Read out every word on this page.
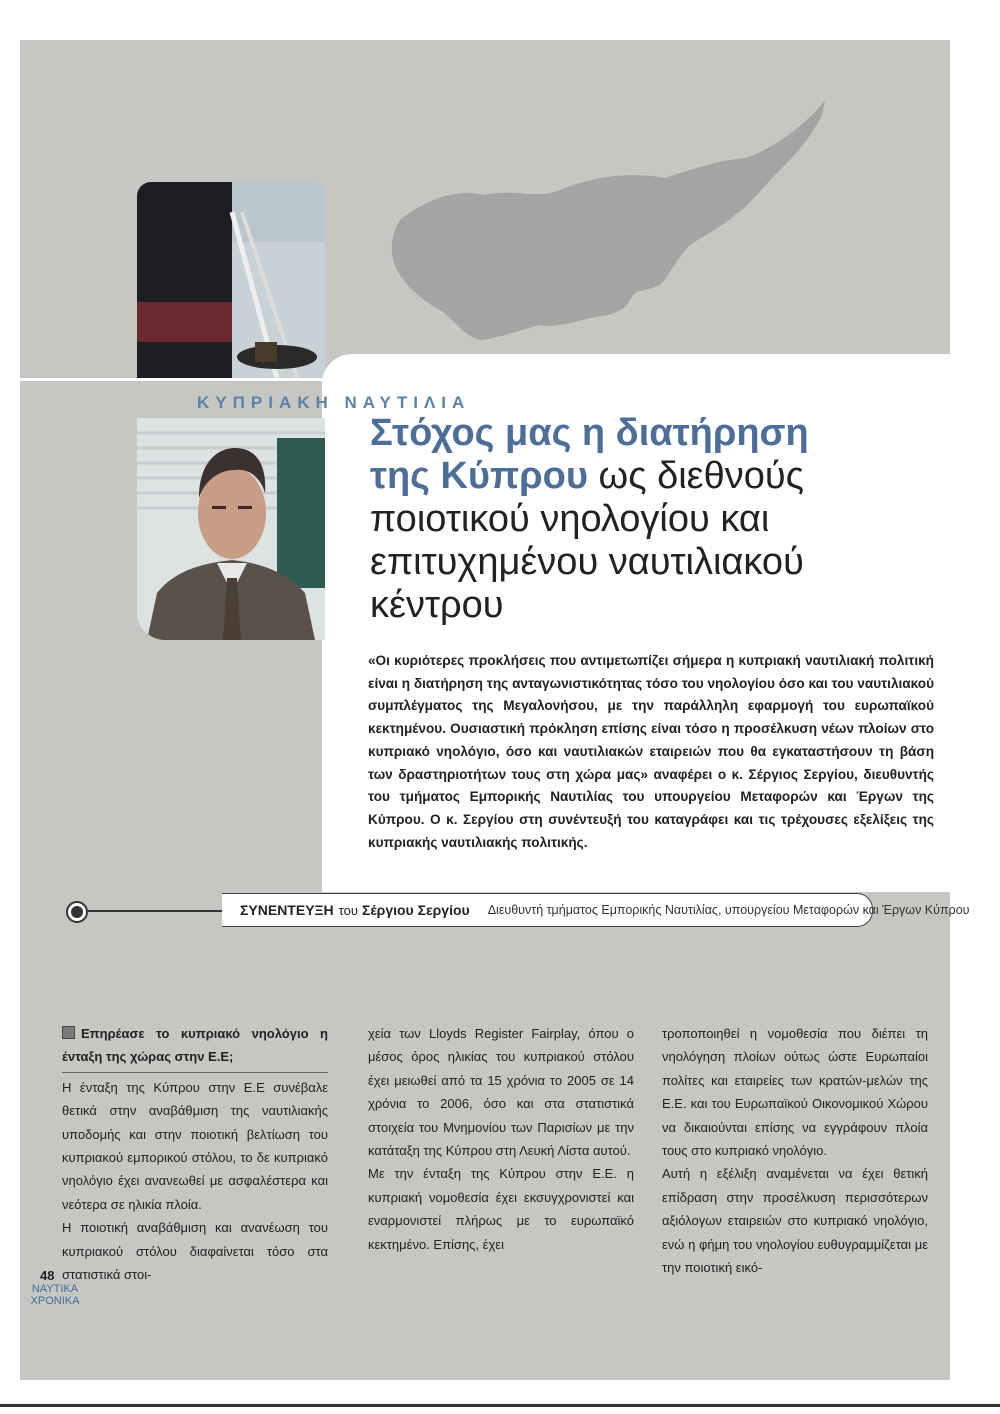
ΚΥΠΡΙΑΚΗ ΝΑΥΤΙΛΙΑ
Στόχος μας η διατήρηση της Κύπρου ως διεθνούς ποιοτικού νηολογίου και επιτυχημένου ναυτιλιακού κέντρου
«Οι κυριότερες προκλήσεις που αντιμετωπίζει σήμερα η κυπριακή ναυτιλιακή πολιτική είναι η διατήρηση της ανταγωνιστικότητας τόσο του νηολογίου όσο και του ναυτιλιακού συμπλέγματος της Μεγαλονήσου, με την παράλληλη εφαρμογή του ευρωπαϊκού κεκτημένου. Ουσιαστική πρόκληση επίσης είναι τόσο η προσέλκυση νέων πλοίων στο κυπριακό νηολόγιο, όσο και ναυτιλιακών εταιρειών που θα εγκαταστήσουν τη βάση των δραστηριοτήτων τους στη χώρα μας» αναφέρει ο κ. Σέργιος Σεργίου, διευθυντής του τμήματος Εμπορικής Ναυτιλίας του υπουργείου Μεταφορών και Έργων της Κύπρου. Ο κ. Σεργίου στη συνέντευξή του καταγράφει και τις τρέχουσες εξελίξεις της κυπριακής ναυτιλιακής πολιτικής.
ΣΥΝΕΝΤΕΥΞΗ του Σέργιου Σεργίου Διευθυντή τμήματος Εμπορικής Ναυτιλίας, υπουργείου Μεταφορών και Έργων Κύπρου

Επηρέασε το κυπριακό νηολόγιο η ένταξη της χώρας στην Ε.Ε;

Η ένταξη της Κύπρου στην Ε.Ε συνέβαλε θετικά στην αναβάθμιση της ναυτιλιακής υποδομής και στην ποιοτική βελτίωση του κυπριακού εμπορικού στόλου, το δε κυπριακό νηολόγιο έχει ανανεωθεί με ασφαλέστερα και νεότερα σε ηλικία πλοία.

Η ποιοτική αναβάθμιση και ανανέωση του κυπριακού στόλου διαφαίνεται τόσο στα στατιστικά στοι-

χεία των Lloyds Register Fairplay, όπου ο μέσος όρος ηλικίας του κυπριακού στόλου έχει μειωθεί από τα 15 χρόνια το 2005 σε 14 χρόνια το 2006, όσο και στα στατιστικά στοιχεία του Μνημονίου των Παρισίων με την κατάταξη της Κύπρου στη Λευκή Λίστα αυτού.

Με την ένταξη της Κύπρου στην Ε.Ε. η κυπριακή νομοθεσία έχει εκσυγχρονιστεί και εναρμονιστεί πλήρως με το ευρωπαϊκό κεκτημένο. Επίσης, έχει

τροποποιηθεί η νομοθεσία που διέπει τη νηολόγηση πλοίων ούτως ώστε Ευρωπαίοι πολίτες και εταιρείες των κρατών-μελών της Ε.Ε. και του Ευρωπαϊκού Οικονομικού Χώρου να δικαιούνται επίσης να εγγράφουν πλοία τους στο κυπριακό νηολόγιο.

Αυτή η εξέλιξη αναμένεται να έχει θετική επίδραση στην προσέλκυση περισσότερων αξιόλογων εταιρειών στο κυπριακό νηολόγιο, ενώ η φήμη του νηολογίου ευθυγραμμίζεται με την ποιοτική εικό-

48
ΝΑΥΤΙΚΑ
ΧΡΟΝΙΚΑ
